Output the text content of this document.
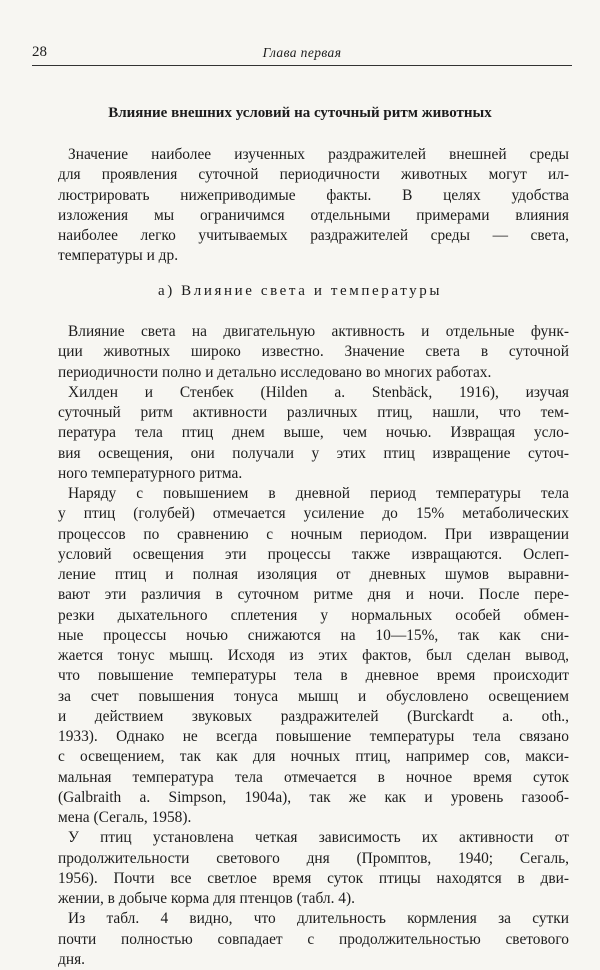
28	Глава первая
Влияние внешних условий на суточный ритм животных
Значение наиболее изученных раздражителей внешней среды
для проявления суточной периодичности животных могут ил-
люстрировать нижеприводимые факты. В целях удобства
изложения мы ограничимся отдельными примерами влияния
наиболее легко учитываемых раздражителей среды — света,
температуры и др.
а) Влияние света и температуры
Влияние света на двигательную активность и отдельные функ-
ции животных широко известно. Значение света в суточной
периодичности полно и детально исследовано во многих работах.
Хилден и Стенбек (Hilden a. Stenbäck, 1916), изучая
суточный ритм активности различных птиц, нашли, что тем-
пература тела птиц днем выше, чем ночью. Извращая усло-
вия освещения, они получали у этих птиц извращение суточ-
ного температурного ритма.
Наряду с повышением в дневной период температуры тела
у птиц (голубей) отмечается усиление до 15% метаболических
процессов по сравнению с ночным периодом. При извращении
условий освещения эти процессы также извращаются. Ослеп-
ление птиц и полная изоляция от дневных шумов выравни-
вают эти различия в суточном ритме дня и ночи. После пере-
резки дыхательного сплетения у нормальных особей обмен-
ные процессы ночью снижаются на 10—15%, так как сни-
жается тонус мышц. Исходя из этих фактов, был сделан вывод,
что повышение температуры тела в дневное время происходит
за счет повышения тонуса мышц и обусловлено освещением
и действием звуковых раздражителей (Burckardt a. oth.,
1933). Однако не всегда повышение температуры тела связано
с освещением, так как для ночных птиц, например сов, макси-
мальная температура тела отмечается в ночное время суток
(Galbraith a. Simpson, 1904а), так же как и уровень газооб-
мена (Сегаль, 1958).
У птиц установлена четкая зависимость их активности от
продолжительности светового дня (Промптов, 1940; Сегаль,
1956). Почти все светлое время суток птицы находятся в дви-
жении, в добыче корма для птенцов (табл. 4).
Из табл. 4 видно, что длительность кормления за сутки
почти полностью совпадает с продолжительностью светового
дня.
